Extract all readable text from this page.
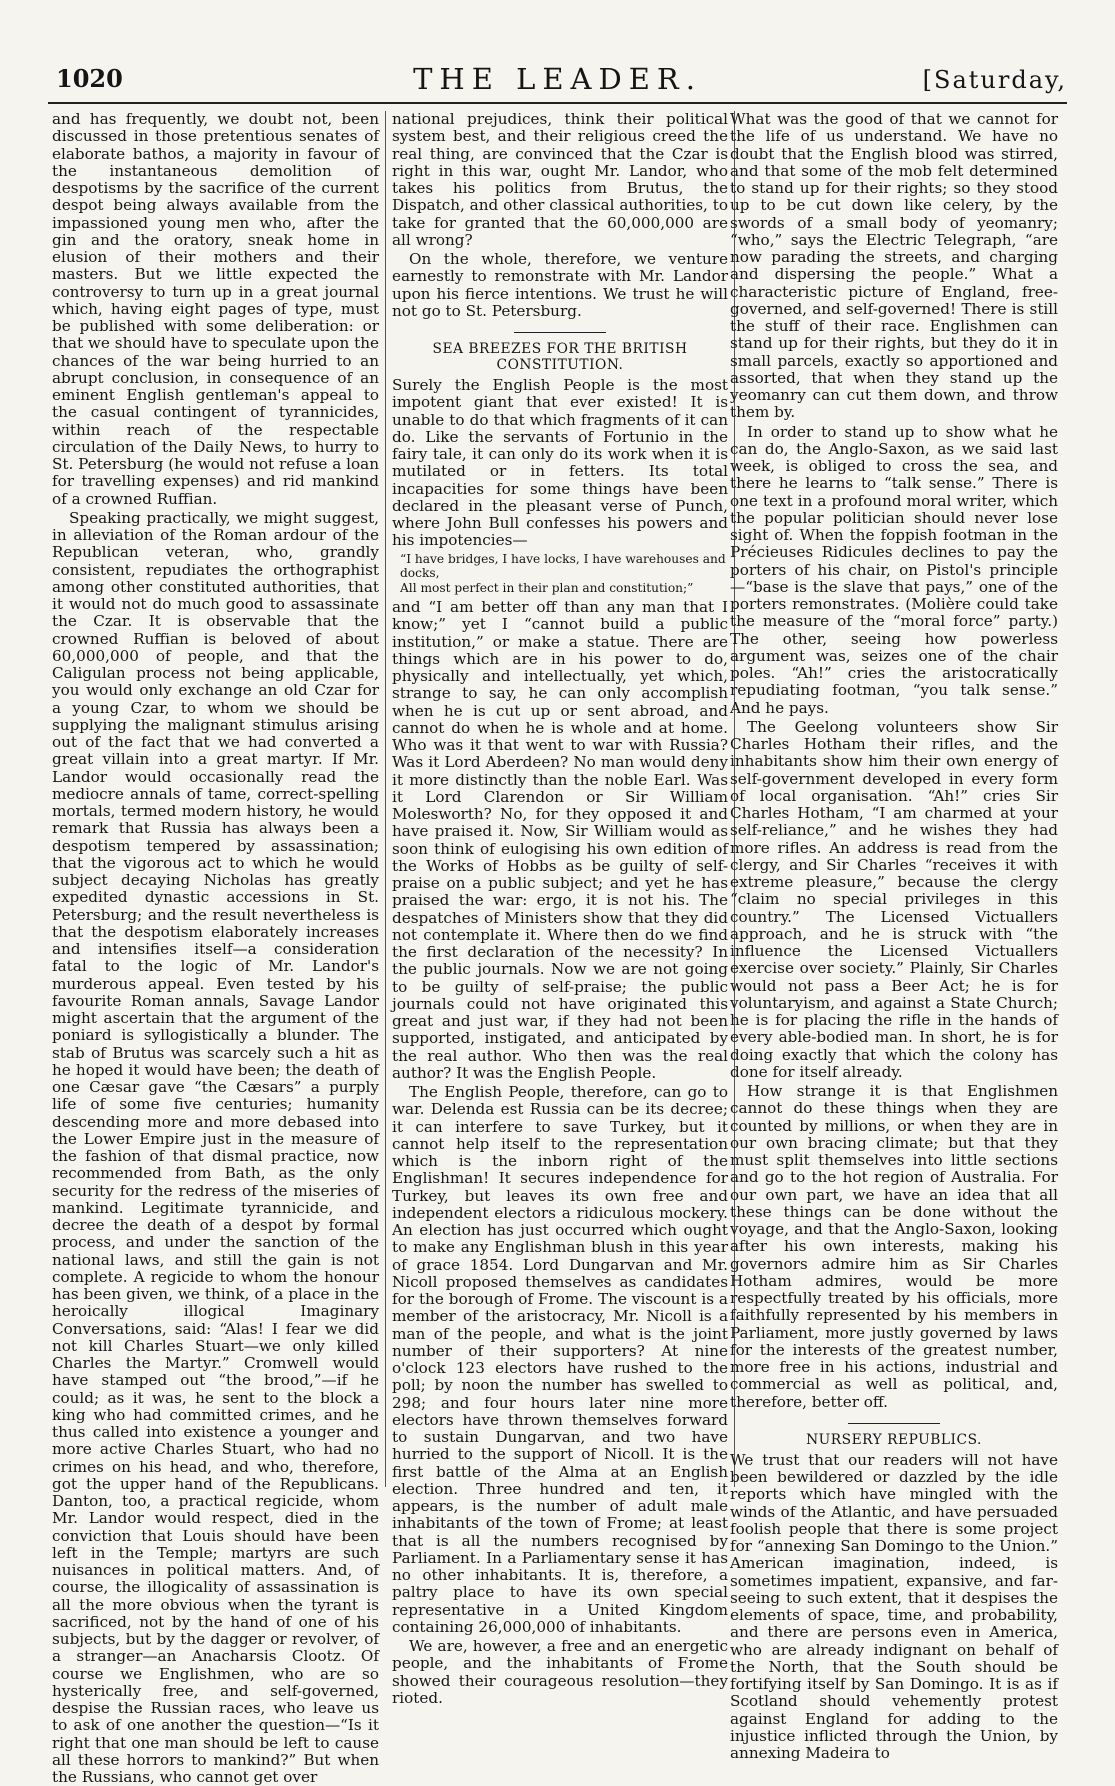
1020	THE LEADER.	[Saturday,

and has frequently, we doubt not, been discussed in those pretentious senates of elaborate bathos, a majority in favour of the instantaneous demolition of despotisms by the sacrifice of the current despot being always available from the impassioned young men who, after the gin and the oratory, sneak home in elusion of their mothers and their masters. But we little expected the controversy to turn up in a great journal which, having eight pages of type, must be published with some deliberation: or that we should have to speculate upon the chances of the war being hurried to an abrupt conclusion, in consequence of an eminent English gentleman's appeal to the casual contingent of tyrannicides, within reach of the respectable circulation of the Daily News, to hurry to St. Petersburg (he would not refuse a loan for travelling expenses) and rid mankind of a crowned Ruffian.

Speaking practically, we might suggest, in alleviation of the Roman ardour of the Republican veteran, who, grandly consistent, repudiates the orthographist among other constituted authorities, that it would not do much good to assassinate the Czar. It is observable that the crowned Ruffian is beloved of about 60,000,000 of people, and that the Caligulan process not being applicable, you would only exchange an old Czar for a young Czar, to whom we should be supplying the malignant stimulus arising out of the fact that we had converted a great villain into a great martyr. If Mr. Landor would occasionally read the mediocre annals of tame, correct-spelling mortals, termed modern history, he would remark that Russia has always been a despotism tempered by assassination; that the vigorous act to which he would subject decaying Nicholas has greatly expedited dynastic accessions in St. Petersburg; and the result nevertheless is that the despotism elaborately increases and intensifies itself—a consideration fatal to the logic of Mr. Landor's murderous appeal. Even tested by his favourite Roman annals, Savage Landor might ascertain that the argument of the poniard is syllogistically a blunder. The stab of Brutus was scarcely such a hit as he hoped it would have been; the death of one Cæsar gave “the Cæsars” a purply life of some five centuries; humanity descending more and more debased into the Lower Empire just in the measure of the fashion of that dismal practice, now recommended from Bath, as the only security for the redress of the miseries of mankind. Legitimate tyrannicide, and decree the death of a despot by formal process, and under the sanction of the national laws, and still the gain is not complete. A regicide to whom the honour has been given, we think, of a place in the heroically illogical Imaginary Conversations, said: “Alas! I fear we did not kill Charles Stuart—we only killed Charles the Martyr.” Cromwell would have stamped out “the brood,”—if he could; as it was, he sent to the block a king who had committed crimes, and he thus called into existence a younger and more active Charles Stuart, who had no crimes on his head, and who, therefore, got the upper hand of the Republicans. Danton, too, a practical regicide, whom Mr. Landor would respect, died in the conviction that Louis should have been left in the Temple; martyrs are such nuisances in political matters. And, of course, the illogicality of assassination is all the more obvious when the tyrant is sacrificed, not by the hand of one of his subjects, but by the dagger or revolver, of a stranger—an Anacharsis Clootz. Of course we Englishmen, who are so hysterically free, and self-governed, despise the Russian races, who leave us to ask of one another the question—“Is it right that one man should be left to cause all these horrors to mankind?” But when the Russians, who cannot get over

national prejudices, think their political system best, and their religious creed the real thing, are convinced that the Czar is right in this war, ought Mr. Landor, who takes his politics from Brutus, the Dispatch, and other classical authorities, to take for granted that the 60,000,000 are all wrong?

On the whole, therefore, we venture earnestly to remonstrate with Mr. Landor upon his fierce intentions. We trust he will not go to St. Petersburg.

SEA BREEZES FOR THE BRITISH CONSTITUTION.

Surely the English People is the most impotent giant that ever existed! It is unable to do that which fragments of it can do. Like the servants of Fortunio in the fairy tale, it can only do its work when it is mutilated or in fetters. Its total incapacities for some things have been declared in the pleasant verse of Punch, where John Bull confesses his powers and his impotencies—

“I have bridges, I have locks, I have warehouses and docks,
All most perfect in their plan and constitution;”

and “I am better off than any man that I know;” yet I “cannot build a public institution,” or make a statue. There are things which are in his power to do, physically and intellectually, yet which, strange to say, he can only accomplish when he is cut up or sent abroad, and cannot do when he is whole and at home. Who was it that went to war with Russia? Was it Lord Aberdeen? No man would deny it more distinctly than the noble Earl. Was it Lord Clarendon or Sir William Molesworth? No, for they opposed it and have praised it. Now, Sir William would as soon think of eulogising his own edition of the Works of Hobbs as be guilty of self-praise on a public subject; and yet he has praised the war: ergo, it is not his. The despatches of Ministers show that they did not contemplate it. Where then do we find the first declaration of the necessity? In the public journals. Now we are not going to be guilty of self-praise; the public journals could not have originated this great and just war, if they had not been supported, instigated, and anticipated by the real author. Who then was the real author? It was the English People.

The English People, therefore, can go to war. Delenda est Russia can be its decree; it can interfere to save Turkey, but it cannot help itself to the representation which is the inborn right of the Englishman! It secures independence for Turkey, but leaves its own free and independent electors a ridiculous mockery. An election has just occurred which ought to make any Englishman blush in this year of grace 1854. Lord Dungarvan and Mr. Nicoll proposed themselves as candidates for the borough of Frome. The viscount is a member of the aristocracy, Mr. Nicoll is a man of the people, and what is the joint number of their supporters? At nine o'clock 123 electors have rushed to the poll; by noon the number has swelled to 298; and four hours later nine more electors have thrown themselves forward to sustain Dungarvan, and two have hurried to the support of Nicoll. It is the first battle of the Alma at an English election. Three hundred and ten, it appears, is the number of adult male inhabitants of the town of Frome; at least that is all the numbers recognised by Parliament. In a Parliamentary sense it has no other inhabitants. It is, therefore, a paltry place to have its own special representative in a United Kingdom containing 26,000,000 of inhabitants.

We are, however, a free and an energetic people, and the inhabitants of Frome showed their courageous resolution—they rioted.

What was the good of that we cannot for the life of us understand. We have no doubt that the English blood was stirred, and that some of the mob felt determined to stand up for their rights; so they stood up to be cut down like celery, by the swords of a small body of yeomanry; “who,” says the Electric Telegraph, “are now parading the streets, and charging and dispersing the people.” What a characteristic picture of England, free-governed, and self-governed! There is still the stuff of their race. Englishmen can stand up for their rights, but they do it in small parcels, exactly so apportioned and assorted, that when they stand up the yeomanry can cut them down, and throw them by.

In order to stand up to show what he can do, the Anglo-Saxon, as we said last week, is obliged to cross the sea, and there he learns to “talk sense.” There is one text in a profound moral writer, which the popular politician should never lose sight of. When the foppish footman in the Précieuses Ridicules declines to pay the porters of his chair, on Pistol's principle—“base is the slave that pays,” one of the porters remonstrates. (Molière could take the measure of the “moral force” party.) The other, seeing how powerless argument was, seizes one of the chair poles. “Ah!” cries the aristocratically repudiating footman, “you talk sense.” And he pays.

The Geelong volunteers show Sir Charles Hotham their rifles, and the inhabitants show him their own energy of self-government developed in every form of local organisation. “Ah!” cries Sir Charles Hotham, “I am charmed at your self-reliance,” and he wishes they had more rifles. An address is read from the clergy, and Sir Charles “receives it with extreme pleasure,” because the clergy “claim no special privileges in this country.” The Licensed Victuallers approach, and he is struck with “the influence the Licensed Victuallers exercise over society.” Plainly, Sir Charles would not pass a Beer Act; he is for voluntaryism, and against a State Church; he is for placing the rifle in the hands of every able-bodied man. In short, he is for doing exactly that which the colony has done for itself already.

How strange it is that Englishmen cannot do these things when they are counted by millions, or when they are in our own bracing climate; but that they must split themselves into little sections and go to the hot region of Australia. For our own part, we have an idea that all these things can be done without the voyage, and that the Anglo-Saxon, looking after his own interests, making his governors admire him as Sir Charles Hotham admires, would be more respectfully treated by his officials, more faithfully represented by his members in Parliament, more justly governed by laws for the interests of the greatest number, more free in his actions, industrial and commercial as well as political, and, therefore, better off.

NURSERY REPUBLICS.

We trust that our readers will not have been bewildered or dazzled by the idle reports which have mingled with the winds of the Atlantic, and have persuaded foolish people that there is some project for “annexing San Domingo to the Union.” American imagination, indeed, is sometimes impatient, expansive, and far-seeing to such extent, that it despises the elements of space, time, and probability, and there are persons even in America, who are already indignant on behalf of the North, that the South should be fortifying itself by San Domingo. It is as if Scotland should vehemently protest against England for adding to the injustice inflicted through the Union, by annexing Madeira to
